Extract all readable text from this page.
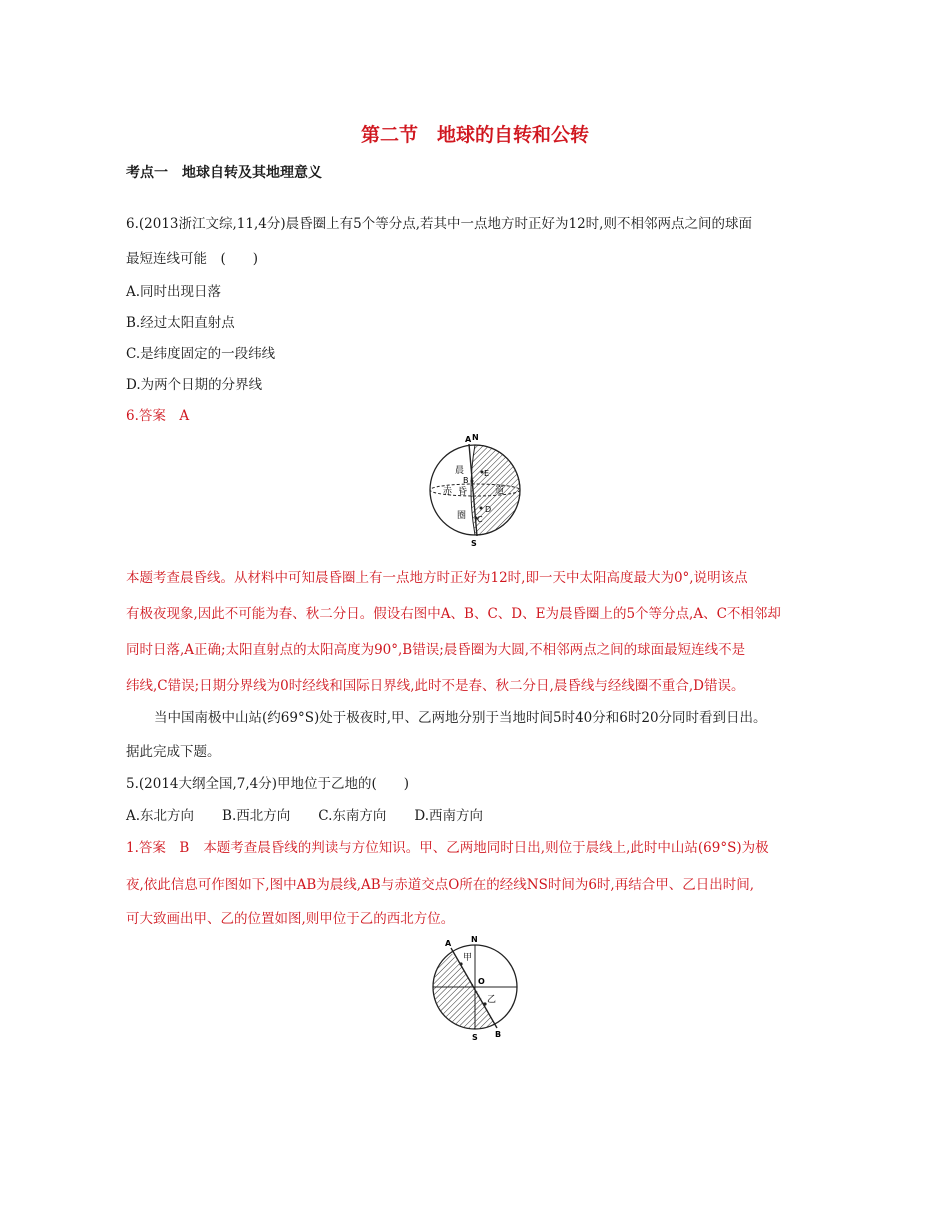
第二节　地球的自转和公转
考点一　地球自转及其地理意义
6.(2013浙江文综,11,4分)晨昏圈上有5个等分点,若其中一点地方时正好为12时,则不相邻两点之间的球面
最短连线可能　(　　)
A.同时出现日落
B.经过太阳直射点
C.是纬度固定的一段纬线
D.为两个日期的分界线
6.答案　A
A N
S
E
B
D
C
晨
昏
圈
赤	道
本题考查晨昏线。从材料中可知晨昏圈上有一点地方时正好为12时,即一天中太阳高度最大为0°,说明该点
有极夜现象,因此不可能为春、秋二分日。假设右图中A、B、C、D、E为晨昏圈上的5个等分点,A、C不相邻却
同时日落,A正确;太阳直射点的太阳高度为90°,B错误;晨昏圈为大圆,不相邻两点之间的球面最短连线不是
纬线,C错误;日期分界线为0时经线和国际日界线,此时不是春、秋二分日,晨昏线与经线圈不重合,D错误。
当中国南极中山站(约69°S)处于极夜时,甲、乙两地分别于当地时间5时40分和6时20分同时看到日出。
据此完成下题。
5.(2014大纲全国,7,4分)甲地位于乙地的(　　)
A.东北方向 B.西北方向 C.东南方向 D.西南方向
1.答案　B 本题考查晨昏线的判读与方位知识。甲、乙两地同时日出,则位于晨线上,此时中山站(69°S)为极
夜,依此信息可作图如下,图中AB为晨线,AB与赤道交点O所在的经线NS时间为6时,再结合甲、乙日出时间,
可大致画出甲、乙的位置如图,则甲位于乙的西北方位。
A N
甲
O
乙
S B
